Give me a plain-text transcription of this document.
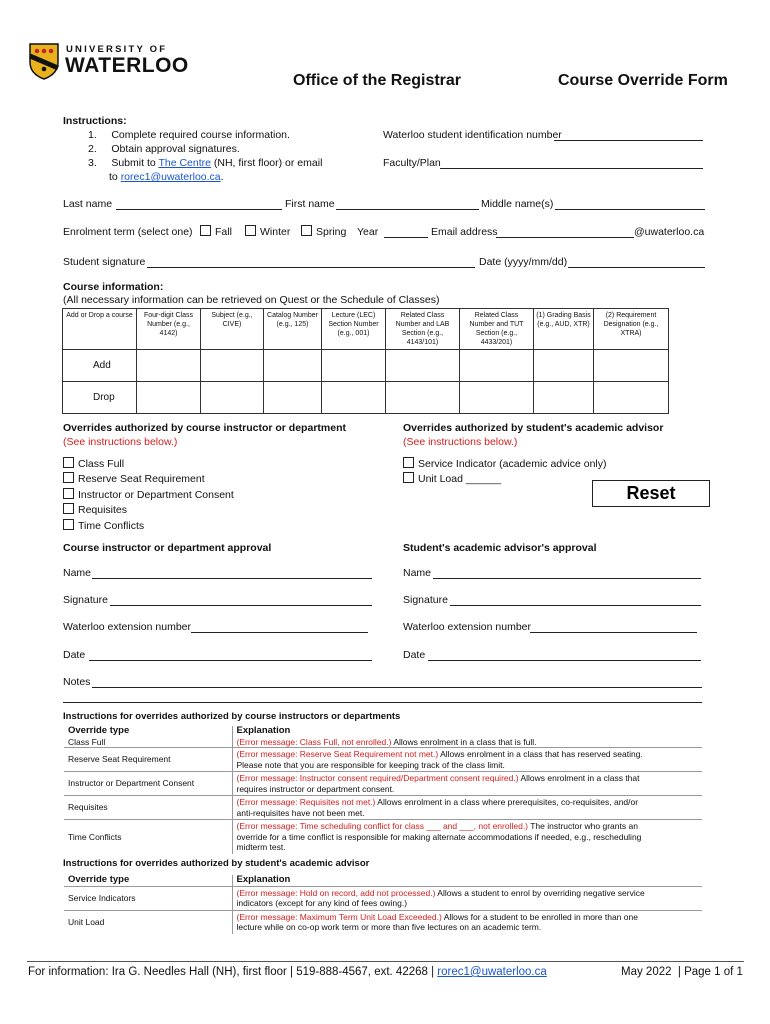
UNIVERSITY OF
WATERLOO
Office of the Registrar	Course Override Form
Instructions:
1.     Complete required course information.
2.     Obtain approval signatures.
3.     Submit to The Centre (NH, first floor) or email
to rorec1@uwaterloo.ca.
Waterloo student identification number
Faculty/Plan
Last name	First name	Middle name(s)
Enrolment term (select one)	Fall	Winter	Spring Year	Email address	@uwaterloo.ca
Student signature	Date (yyyy/mm/dd)
Course information:
(All necessary information can be retrieved on Quest or the Schedule of Classes)
Add or Drop a course	Four-digit Class Number (e.g., 4142)	Subject (e.g., CIVE)	Catalog Number (e.g., 125)	Lecture (LEC) Section Number (e.g., 001)	Related Class Number and LAB Section (e.g., 4143/101)	Related Class Number and TUT Section (e.g., 4433/201)	(1) Grading Basis (e.g., AUD, XTR)	(2) Requirement Designation (e.g., XTRA)
Add								
Drop								
Overrides authorized by course instructor or department
(See instructions below.)
Class Full
Reserve Seat Requirement
Instructor or Department Consent
Requisites
Time Conflicts
Overrides authorized by student's academic advisor
(See instructions below.)
Service Indicator (academic advice only)
Unit Load ______
Reset
Course instructor or department approval
Name
Signature
Waterloo extension number
Date
Student's academic advisor's approval
Name
Signature
Waterloo extension number
Date
Notes
Instructions for overrides authorized by course instructors or departments
Override type	Explanation
Class Full	(Error message: Class Full, not enrolled.) Allows enrolment in a class that is full.
Reserve Seat Requirement	(Error message: Reserve Seat Requirement not met.) Allows enrolment in a class that has reserved seating.
Please note that you are responsible for keeping track of the class limit.
Instructor or Department Consent	(Error message: Instructor consent required/Department consent required.) Allows enrolment in a class that
requires instructor or department consent.
Requisites	(Error message: Requisites not met.) Allows enrolment in a class where prerequisites, co-requisites, and/or
anti-requisites have not been met.
Time Conflicts	(Error message: Time scheduling conflict for class ___ and ___, not enrolled.) The instructor who grants an
override for a time conflict is responsible for making alternate accommodations if needed, e.g., rescheduling
midterm test.
Instructions for overrides authorized by student's academic advisor
Override type	Explanation
Service Indicators	(Error message: Hold on record, add not processed.) Allows a student to enrol by overriding negative service
indicators (except for any kind of fees owing.)
Unit Load	(Error message: Maximum Term Unit Load Exceeded.) Allows for a student to be enrolled in more than one
lecture while on co-op work term or more than five lectures on an academic term.
For information: Ira G. Needles Hall (NH), first floor | 519-888-4567, ext. 42268 | rorec1@uwaterloo.ca	May 2022  | Page 1 of 1
